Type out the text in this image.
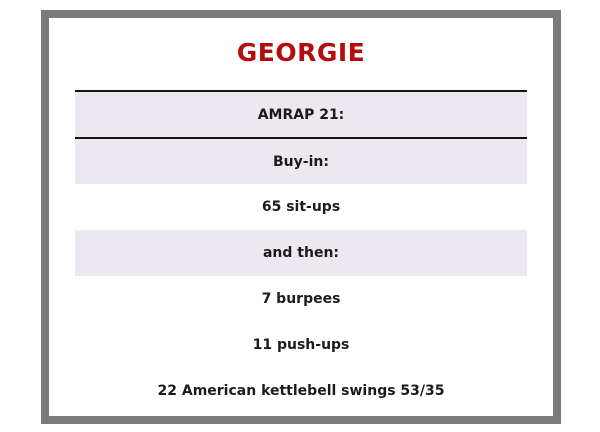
GEORGIE
AMRAP 21:
Buy-in:
65 sit-ups
and then:
7 burpees
11 push-ups
22 American kettlebell swings 53/35
